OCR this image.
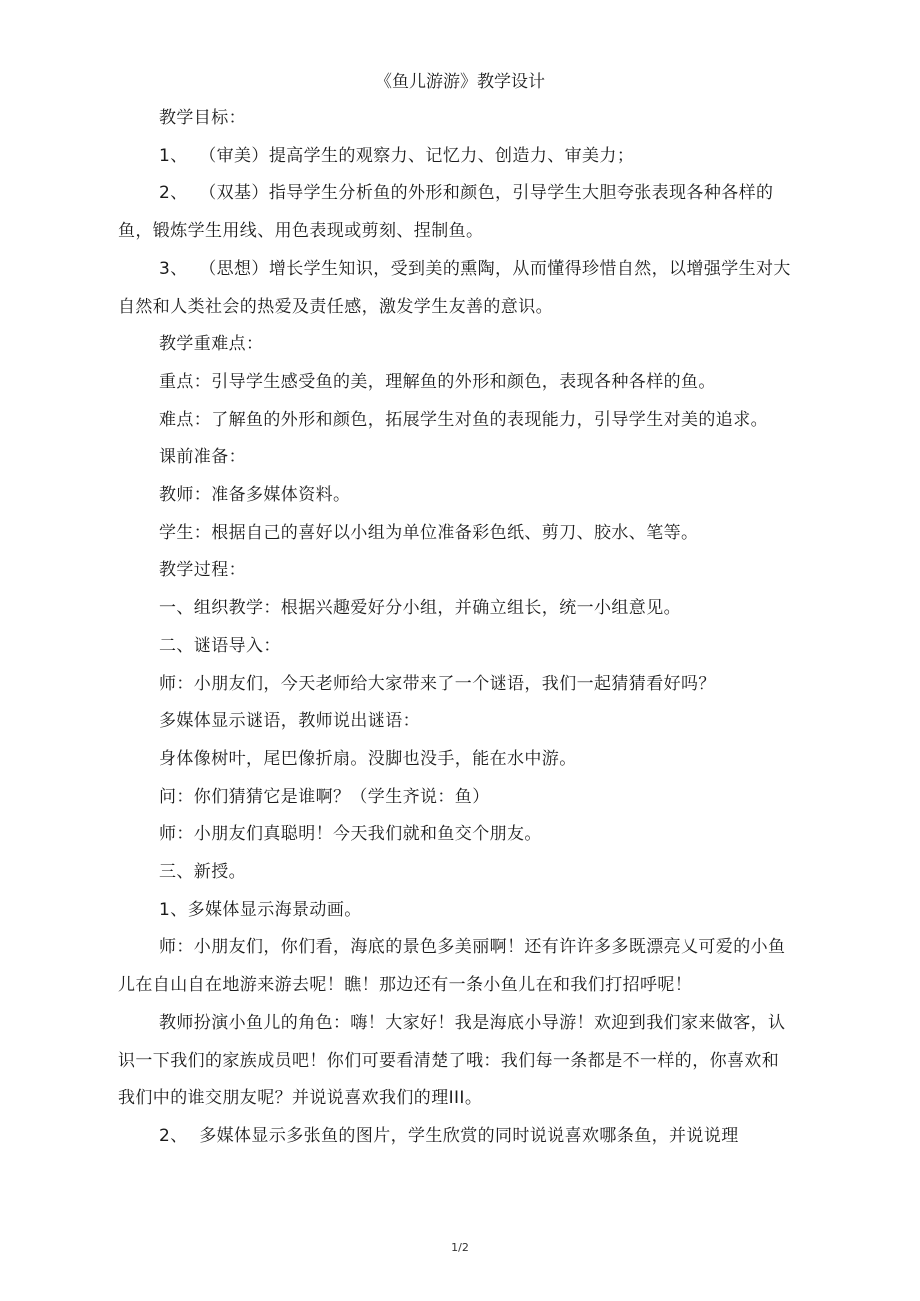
《鱼儿游游》教学设计

教学目标：

1、  （审美）提高学生的观察力、记忆力、创造力、审美力；

2、  （双基）指导学生分析鱼的外形和颜色，引导学生大胆夸张表现各种各样的鱼，锻炼学生用线、用色表现或剪刻、捏制鱼。

3、  （思想）增长学生知识，受到美的熏陶，从而懂得珍惜自然，以增强学生对大自然和人类社会的热爱及责任感，激发学生友善的意识。

教学重难点：

重点：引导学生感受鱼的美，理解鱼的外形和颜色，表现各种各样的鱼。

难点：了解鱼的外形和颜色，拓展学生对鱼的表现能力，引导学生对美的追求。

课前准备：

教师：准备多媒体资料。

学生：根据自己的喜好以小组为单位准备彩色纸、剪刀、胶水、笔等。

教学过程：

一、组织教学：根据兴趣爱好分小组，并确立组长，统一小组意见。

二、谜语导入：

师：小朋友们，今天老师给大家带来了一个谜语，我们一起猜猜看好吗？

多媒体显示谜语，教师说出谜语：

身体像树叶，尾巴像折扇。没脚也没手，能在水中游。

问：你们猜猜它是谁啊？（学生齐说：鱼）

师：小朋友们真聪明！今天我们就和鱼交个朋友。

三、新授。

1、多媒体显示海景动画。

师：小朋友们，你们看，海底的景色多美丽啊！还有许许多多既漂亮乂可爱的小鱼儿在自山自在地游来游去呢！瞧！那边还有一条小鱼儿在和我们打招呼呢！

教师扮演小鱼儿的角色：嗨！大家好！我是海底小导游！欢迎到我们家来做客，认识一下我们的家族成员吧！你们可要看清楚了哦：我们每一条都是不一样的，你喜欢和我们中的谁交朋友呢？并说说喜欢我们的理III。

2、  多媒体显示多张鱼的图片，学生欣赏的同时说说喜欢哪条鱼，并说说理

1/2
